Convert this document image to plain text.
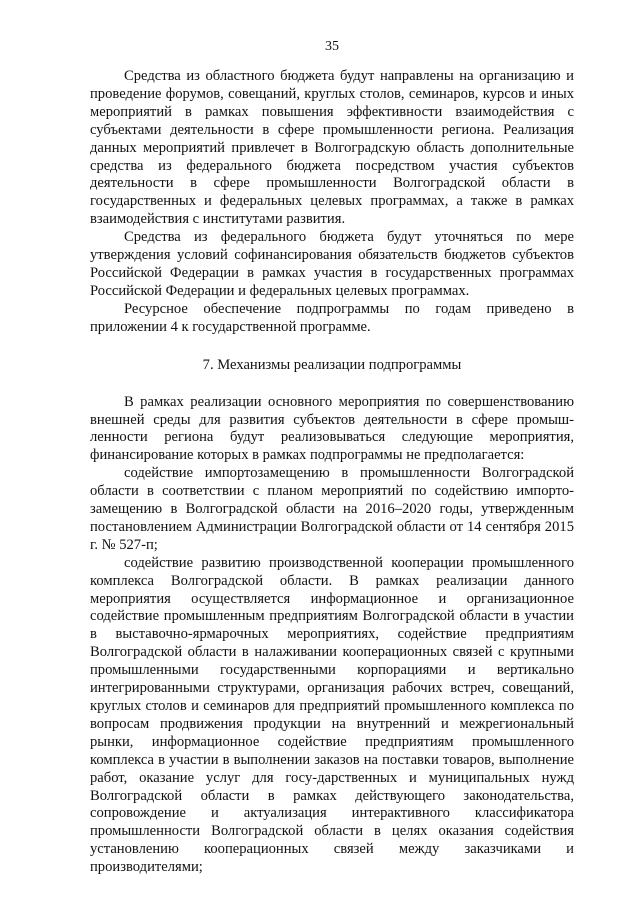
35

Средства из областного бюджета будут направлены на организацию и проведение форумов, совещаний, круглых столов, семинаров, курсов и иных мероприятий в рамках повышения эффективности взаимодействия с субъектами деятельности в сфере промышленности региона. Реализация данных мероприятий привлечет в Волгоградскую область дополнительные средства из федерального бюджета посредством участия субъектов деятельности в сфере промышленности Волгоградской области в государственных и федеральных целевых программах, а также в рамках взаимодействия с институтами развития.

Средства из федерального бюджета будут уточняться по мере утверждения условий софинансирования обязательств бюджетов субъектов Российской Федерации в рамках участия в государственных программах Российской Федерации и федеральных целевых программах.

Ресурсное обеспечение подпрограммы по годам приведено в приложении 4 к государственной программе.

7. Механизмы реализации подпрограммы

В рамках реализации основного мероприятия по совершенствованию внешней среды для развития субъектов деятельности в сфере промыш-ленности региона будут реализовываться следующие мероприятия, финансирование которых в рамках подпрограммы не предполагается:

содействие импортозамещению в промышленности Волгоградской области в соответствии с планом мероприятий по содействию импорто-замещению в Волгоградской области на 2016–2020 годы, утвержденным постановлением Администрации Волгоградской области от 14 сентября 2015 г. № 527-п;

содействие развитию производственной кооперации промышленного комплекса Волгоградской области. В рамках реализации данного мероприятия осуществляется информационное и организационное содействие промышленным предприятиям Волгоградской области в участии в выставочно-ярмарочных мероприятиях, содействие предприятиям Волгоградской области в налаживании кооперационных связей с крупными промышленными государственными корпорациями и вертикально интегрированными структурами, организация рабочих встреч, совещаний, круглых столов и семинаров для предприятий промышленного комплекса по вопросам продвижения продукции на внутренний и межрегиональный рынки, информационное содействие предприятиям промышленного комплекса в участии в выполнении заказов на поставки товаров, выполнение работ, оказание услуг для госу-дарственных и муниципальных нужд Волгоградской области в рамках действующего законодательства, сопровождение и актуализация интерактивного классификатора промышленности Волгоградской области в целях оказания содействия установлению кооперационных связей между заказчиками и производителями;
